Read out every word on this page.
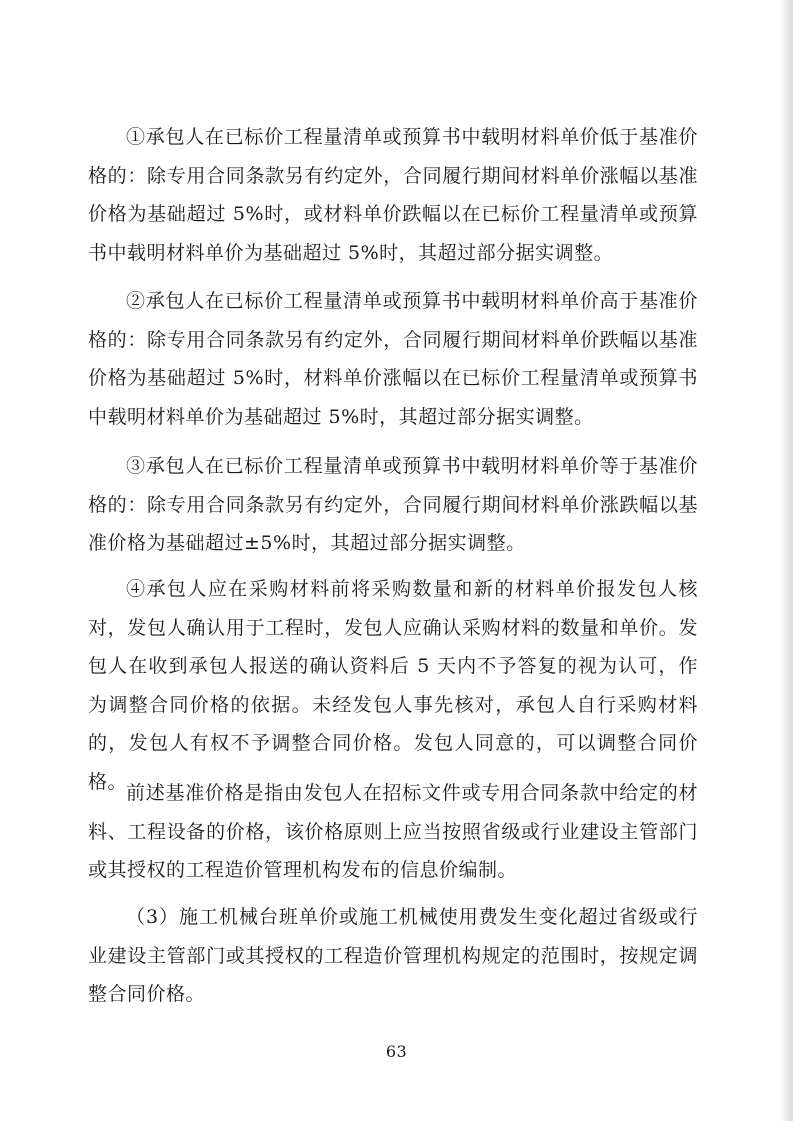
①承包人在已标价工程量清单或预算书中载明材料单价低于基准价格的：除专用合同条款另有约定外，合同履行期间材料单价涨幅以基准价格为基础超过 5%时，或材料单价跌幅以在已标价工程量清单或预算书中载明材料单价为基础超过 5%时，其超过部分据实调整。

②承包人在已标价工程量清单或预算书中载明材料单价高于基准价格的：除专用合同条款另有约定外，合同履行期间材料单价跌幅以基准价格为基础超过 5%时，材料单价涨幅以在已标价工程量清单或预算书中载明材料单价为基础超过 5%时，其超过部分据实调整。

③承包人在已标价工程量清单或预算书中载明材料单价等于基准价格的：除专用合同条款另有约定外，合同履行期间材料单价涨跌幅以基准价格为基础超过±5%时，其超过部分据实调整。

④承包人应在采购材料前将采购数量和新的材料单价报发包人核对，发包人确认用于工程时，发包人应确认采购材料的数量和单价。发包人在收到承包人报送的确认资料后 5 天内不予答复的视为认可，作为调整合同价格的依据。未经发包人事先核对，承包人自行采购材料的，发包人有权不予调整合同价格。发包人同意的，可以调整合同价格。

前述基准价格是指由发包人在招标文件或专用合同条款中给定的材料、工程设备的价格，该价格原则上应当按照省级或行业建设主管部门或其授权的工程造价管理机构发布的信息价编制。

（3）施工机械台班单价或施工机械使用费发生变化超过省级或行业建设主管部门或其授权的工程造价管理机构规定的范围时，按规定调整合同价格。

63
